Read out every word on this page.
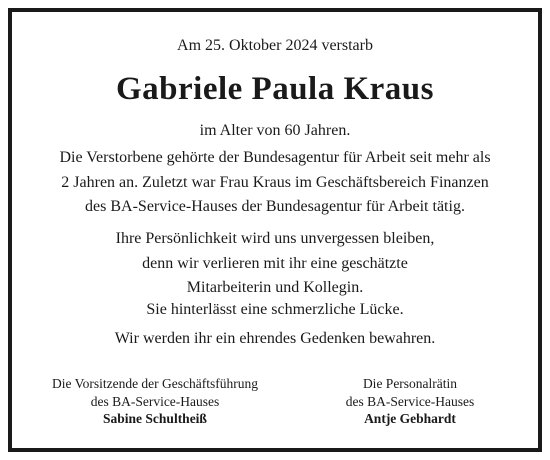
Am 25. Oktober 2024 verstarb
Gabriele Paula Kraus
im Alter von 60 Jahren.
Die Verstorbene gehörte der Bundesagentur für Arbeit seit mehr als
2 Jahren an. Zuletzt war Frau Kraus im Geschäftsbereich Finanzen
des BA-Service-Hauses der Bundesagentur für Arbeit tätig.
Ihre Persönlichkeit wird uns unvergessen bleiben,
denn wir verlieren mit ihr eine geschätzte
Mitarbeiterin und Kollegin.
Sie hinterlässt eine schmerzliche Lücke.
Wir werden ihr ein ehrendes Gedenken bewahren.
Die Vorsitzende der Geschäftsführung
des BA-Service-Hauses
Sabine Schultheiß
Die Personalrätin
des BA-Service-Hauses
Antje Gebhardt
